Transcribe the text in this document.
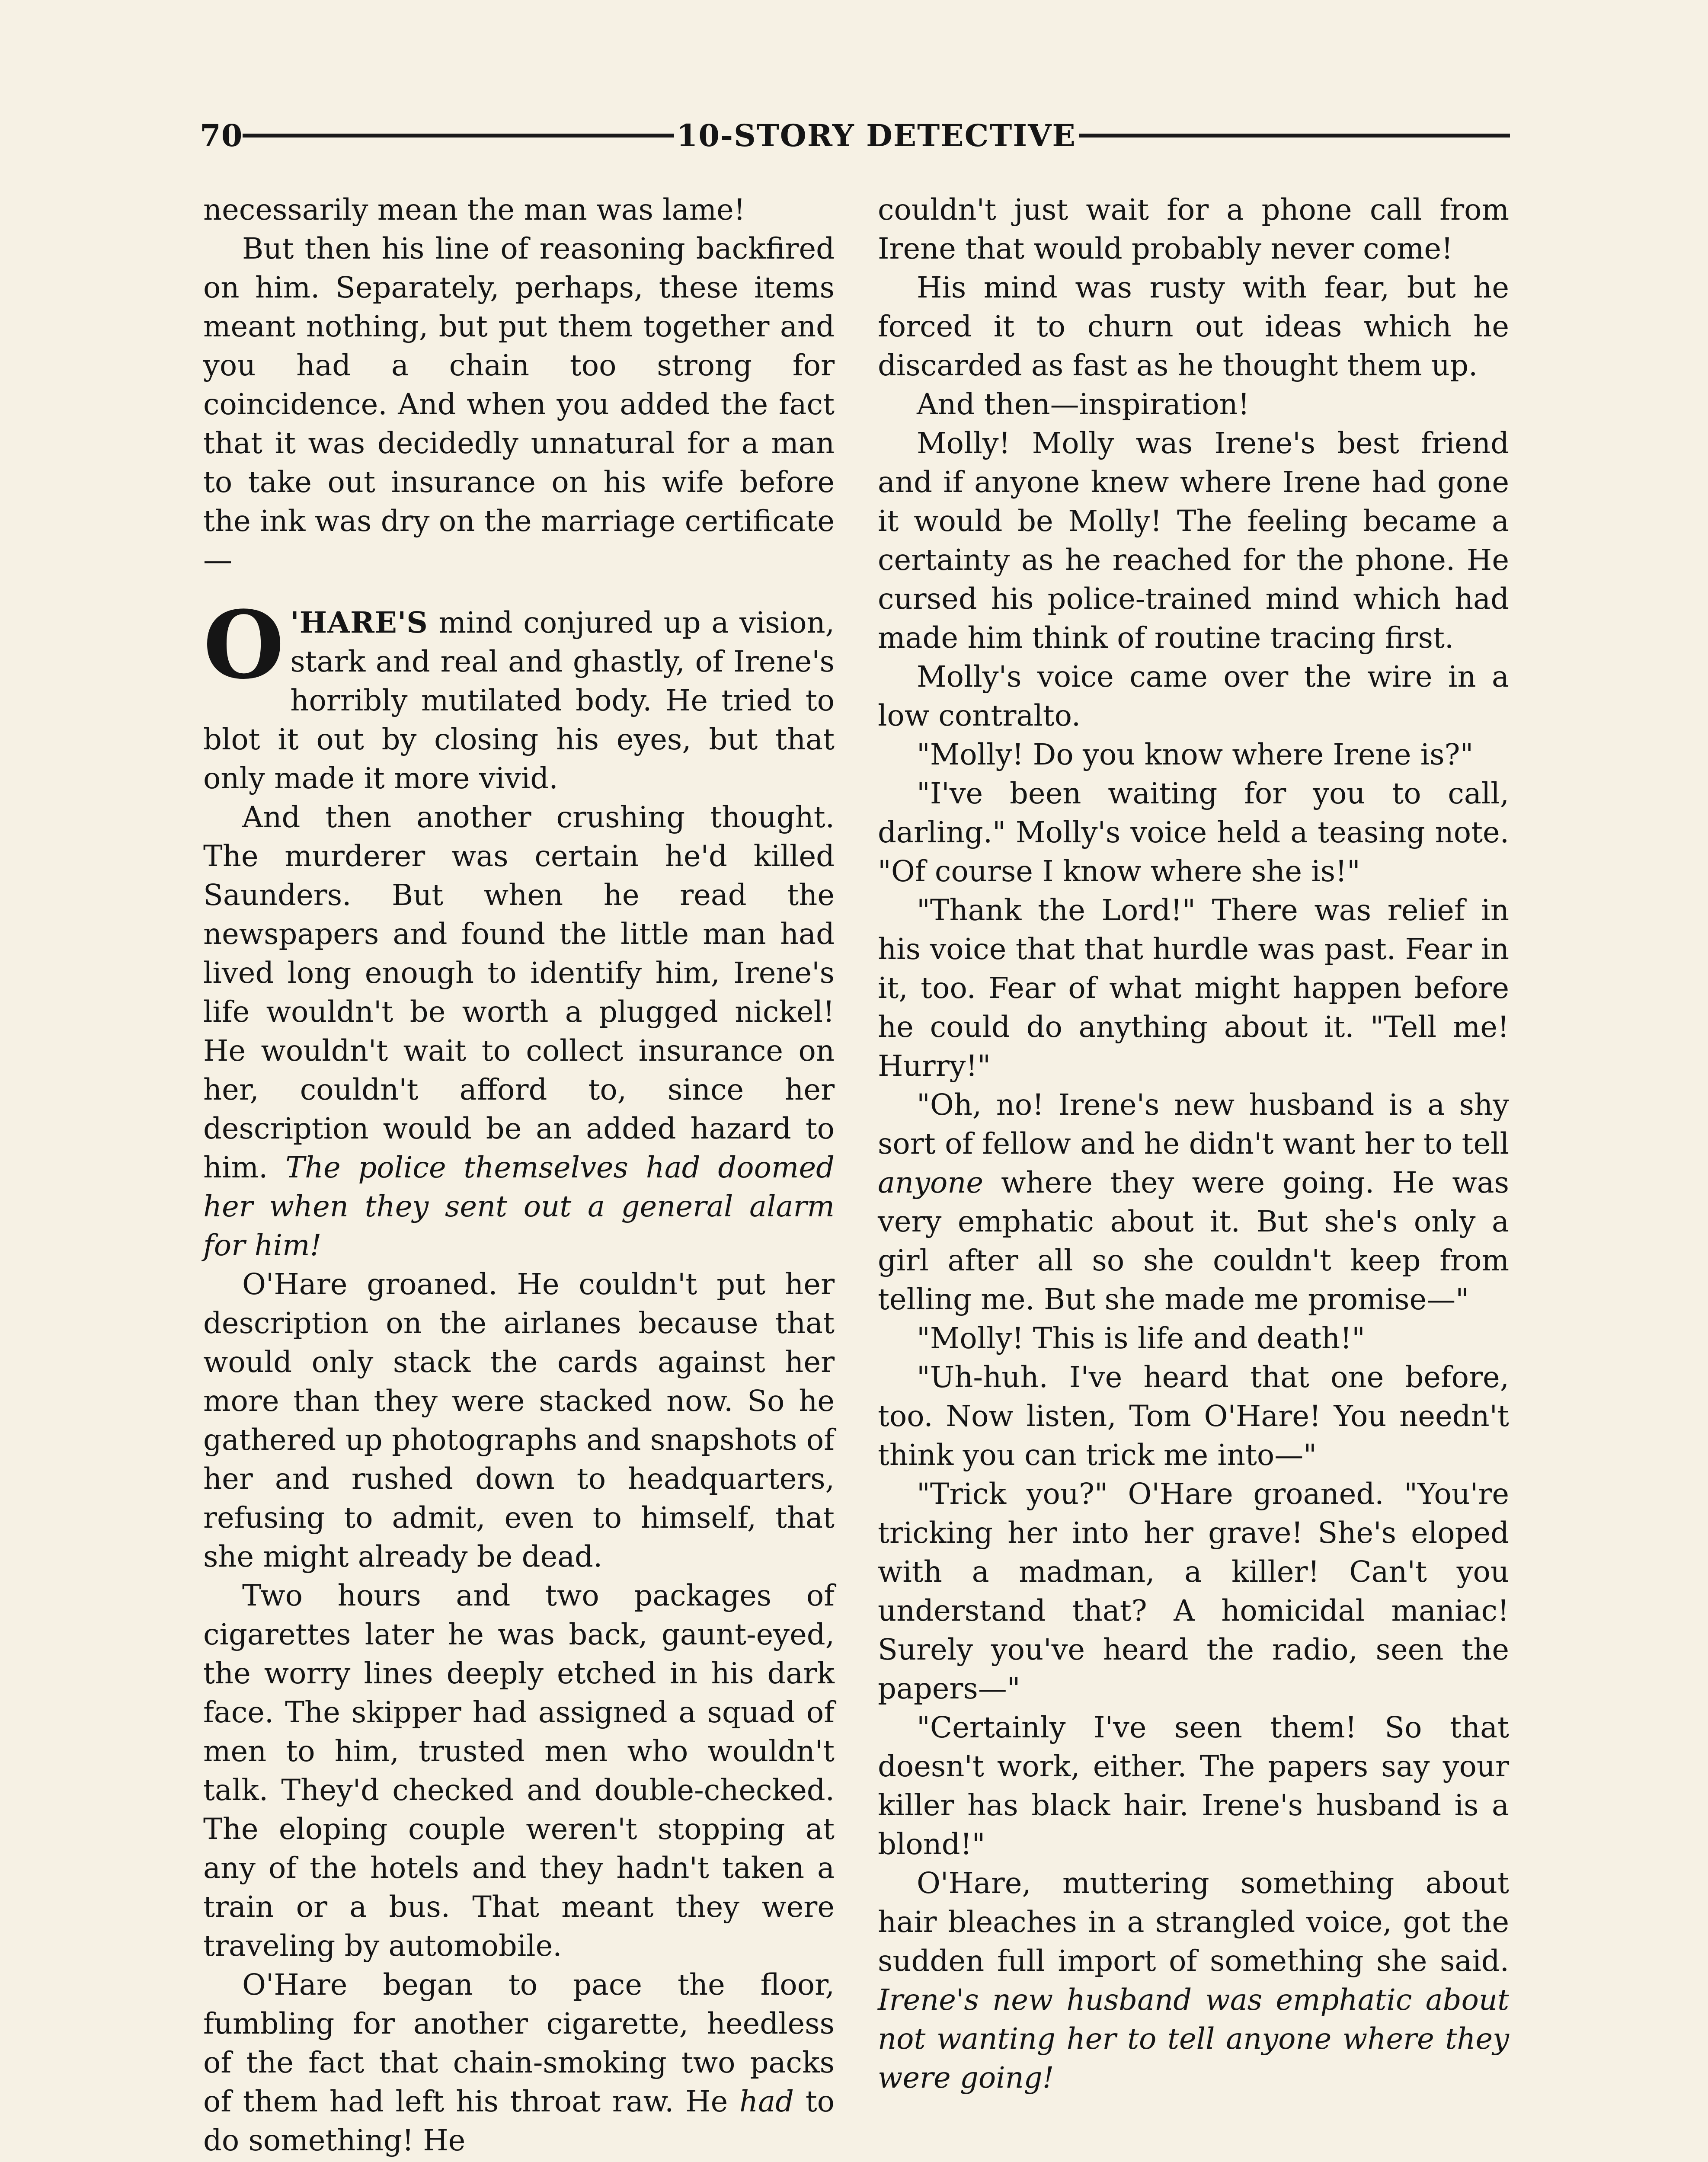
70	10-STORY DETECTIVE

necessarily mean the man was lame!

But then his line of reasoning backfired on him. Separately, perhaps, these items meant nothing, but put them together and you had a chain too strong for coincidence. And when you added the fact that it was decidedly unnatural for a man to take out insurance on his wife before the ink was dry on the marriage certificate—

O 'HARE'S mind conjured up a vision, stark and real and ghastly, of Irene's horribly mutilated body. He tried to blot it out by closing his eyes, but that only made it more vivid.

And then another crushing thought. The murderer was certain he'd killed Saunders. But when he read the newspapers and found the little man had lived long enough to identify him, Irene's life wouldn't be worth a plugged nickel! He wouldn't wait to collect insurance on her, couldn't afford to, since her description would be an added hazard to him. The police themselves had doomed her when they sent out a general alarm for him!

O'Hare groaned. He couldn't put her description on the airlanes because that would only stack the cards against her more than they were stacked now. So he gathered up photographs and snapshots of her and rushed down to headquarters, refusing to admit, even to himself, that she might already be dead.

Two hours and two packages of cigarettes later he was back, gaunt-eyed, the worry lines deeply etched in his dark face. The skipper had assigned a squad of men to him, trusted men who wouldn't talk. They'd checked and double-checked. The eloping couple weren't stopping at any of the hotels and they hadn't taken a train or a bus. That meant they were traveling by automobile.

O'Hare began to pace the floor, fumbling for another cigarette, heedless of the fact that chain-smoking two packs of them had left his throat raw. He had to do something! He

couldn't just wait for a phone call from Irene that would probably never come!

His mind was rusty with fear, but he forced it to churn out ideas which he discarded as fast as he thought them up.

And then—inspiration!

Molly! Molly was Irene's best friend and if anyone knew where Irene had gone it would be Molly! The feeling became a certainty as he reached for the phone. He cursed his police-trained mind which had made him think of routine tracing first.

Molly's voice came over the wire in a low contralto.

"Molly! Do you know where Irene is?"

"I've been waiting for you to call, darling." Molly's voice held a teasing note. "Of course I know where she is!"

"Thank the Lord!" There was relief in his voice that that hurdle was past. Fear in it, too. Fear of what might happen before he could do anything about it. "Tell me! Hurry!"

"Oh, no! Irene's new husband is a shy sort of fellow and he didn't want her to tell anyone where they were going. He was very emphatic about it. But she's only a girl after all so she couldn't keep from telling me. But she made me promise—"

"Molly! This is life and death!"

"Uh-huh. I've heard that one before, too. Now listen, Tom O'Hare! You needn't think you can trick me into—"

"Trick you?" O'Hare groaned. "You're tricking her into her grave! She's eloped with a madman, a killer! Can't you understand that? A homicidal maniac! Surely you've heard the radio, seen the papers—"

"Certainly I've seen them! So that doesn't work, either. The papers say your killer has black hair. Irene's husband is a blond!"

O'Hare, muttering something about hair bleaches in a strangled voice, got the sudden full import of something she said. Irene's new husband was emphatic about not wanting her to tell anyone where they were going!
